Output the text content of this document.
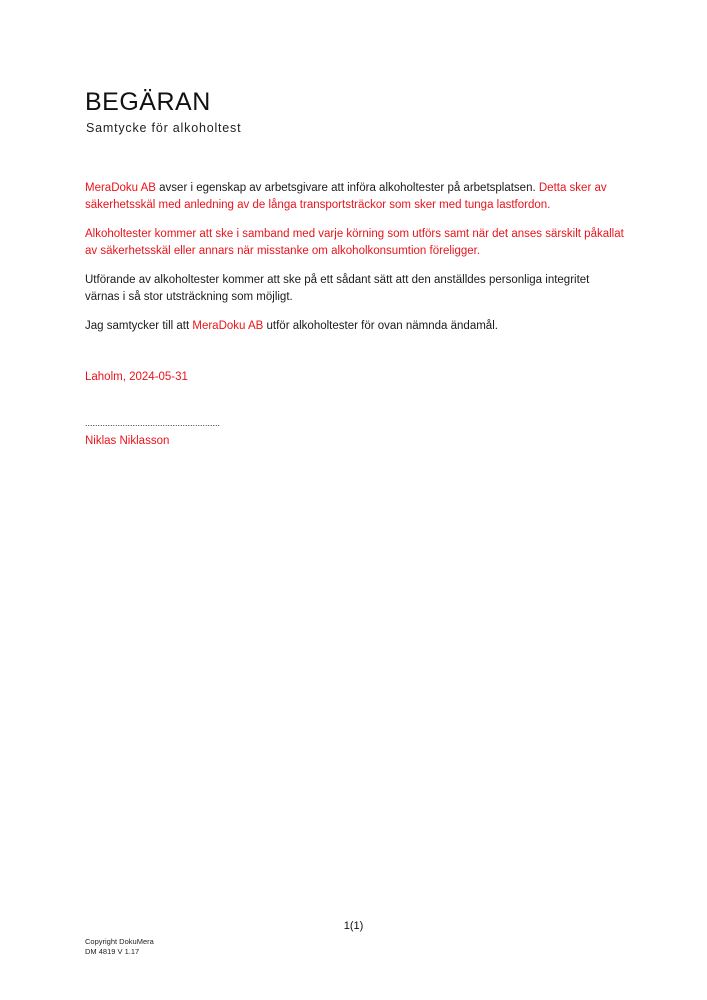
BEGÄRAN
Samtycke för alkoholtest

MeraDoku AB avser i egenskap av arbetsgivare att införa alkoholtester på arbetsplatsen. Detta sker av säkerhetsskäl med anledning av de långa transportsträckor som sker med tunga lastfordon.

Alkoholtester kommer att ske i samband med varje körning som utförs samt när det anses särskilt påkallat av säkerhetsskäl eller annars när misstanke om alkoholkonsumtion föreligger.

Utförande av alkoholtester kommer att ske på ett sådant sätt att den anställdes personliga integritet värnas i så stor utsträckning som möjligt.

Jag samtycker till att MeraDoku AB utför alkoholtester för ovan nämnda ändamål.

Laholm, 2024-05-31
......................................................
Niklas Niklasson
1(1)
Copyright DokuMera
DM 4819 V 1.17
